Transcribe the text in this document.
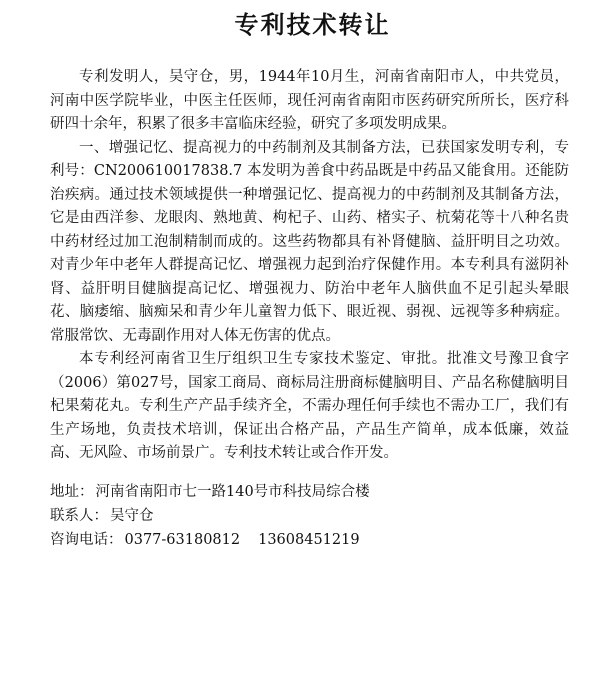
专利技术转让

专利发明人，吴守仓，男，1944年10月生，河南省南阳市人，中共党员，河南中医学院毕业，中医主任医师，现任河南省南阳市医药研究所所长，医疗科研四十余年，积累了很多丰富临床经验，研究了多项发明成果。

一、增强记忆、提高视力的中药制剂及其制备方法，已获国家发明专利，专利号：CN200610017838.7 本发明为善食中药品既是中药品又能食用。还能防治疾病。通过技术领域提供一种增强记忆、提高视力的中药制剂及其制备方法，它是由西洋参、龙眼肉、熟地黄、枸杞子、山药、楮实子、杭菊花等十八种名贵中药材经过加工泡制精制而成的。这些药物都具有补肾健脑、益肝明目之功效。对青少年中老年人群提高记忆、增强视力起到治疗保健作用。本专利具有滋阴补肾、益肝明目健脑提高记忆、增强视力、防治中老年人脑供血不足引起头晕眼花、脑痿缩、脑痴呆和青少年儿童智力低下、眼近视、弱视、远视等多种病症。常服常饮、无毒副作用对人体无伤害的优点。

本专利经河南省卫生厅组织卫生专家技术鉴定、审批。批准文号豫卫食字（2006）第027号，国家工商局、商标局注册商标健脑明目、产品名称健脑明目杞果菊花丸。专利生产产品手续齐全，不需办理任何手续也不需办工厂，我们有生产场地，负责技术培训，保证出合格产品，产品生产简单，成本低廉，效益高、无风险、市场前景广。专利技术转让或合作开发。

地址： 河南省南阳市七一路140号市科技局综合楼

联系人： 吴守仓

咨询电话： 0377-63180812 13608451219
